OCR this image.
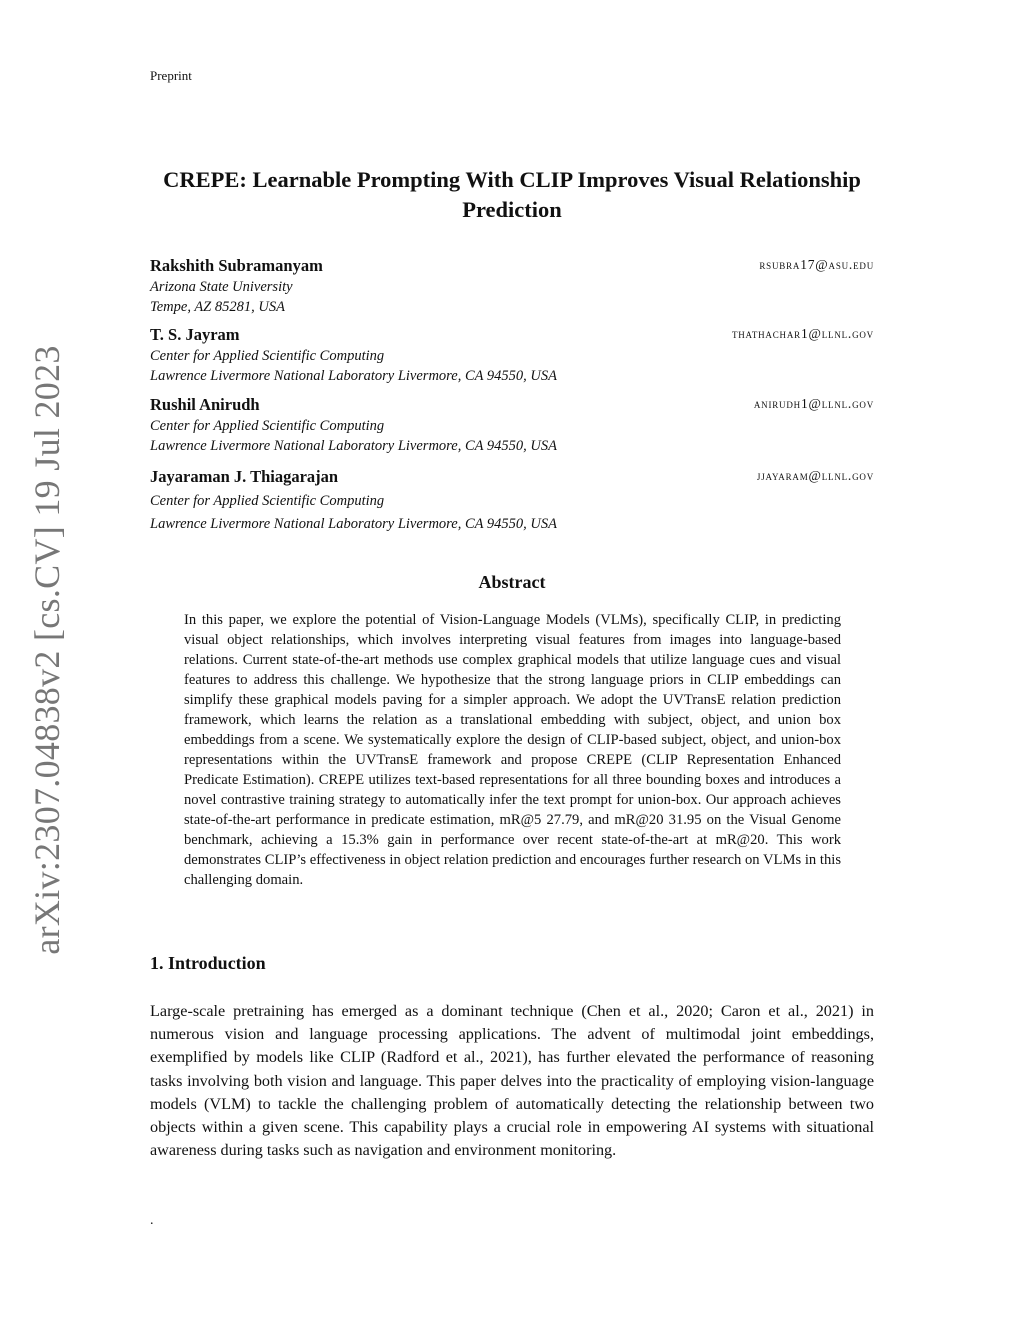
Preprint
arXiv:2307.04838v2 [cs.CV] 19 Jul 2023
CREPE: Learnable Prompting With CLIP Improves Visual Relationship Prediction
Rakshith Subramanyam	rsubra17@asu.edu
Arizona State University
Tempe, AZ 85281, USA
T. S. Jayram	thathachar1@llnl.gov
Center for Applied Scientific Computing
Lawrence Livermore National Laboratory Livermore, CA 94550, USA
Rushil Anirudh	anirudh1@llnl.gov
Center for Applied Scientific Computing
Lawrence Livermore National Laboratory Livermore, CA 94550, USA
Jayaraman J. Thiagarajan	jjayaram@llnl.gov
Center for Applied Scientific Computing
Lawrence Livermore National Laboratory Livermore, CA 94550, USA
Abstract
In this paper, we explore the potential of Vision-Language Models (VLMs), specifically CLIP, in predicting visual object relationships, which involves interpreting visual features from images into language-based relations. Current state-of-the-art methods use complex graphical models that utilize language cues and visual features to address this challenge. We hypothesize that the strong language priors in CLIP embeddings can simplify these graphical models paving for a simpler approach. We adopt the UVTransE relation prediction framework, which learns the relation as a translational embedding with subject, object, and union box embeddings from a scene. We systematically explore the design of CLIP-based subject, object, and union-box representations within the UVTransE framework and propose CREPE (CLIP Representation Enhanced Predicate Estimation). CREPE utilizes text-based representations for all three bounding boxes and introduces a novel contrastive training strategy to automatically infer the text prompt for union-box. Our approach achieves state-of-the-art performance in predicate estimation, mR@5 27.79, and mR@20 31.95 on the Visual Genome benchmark, achieving a 15.3% gain in performance over recent state-of-the-art at mR@20. This work demonstrates CLIP’s effectiveness in object relation prediction and encourages further research on VLMs in this challenging domain.
1. Introduction
Large-scale pretraining has emerged as a dominant technique (Chen et al., 2020; Caron et al., 2021) in numerous vision and language processing applications. The advent of multimodal joint embeddings, exemplified by models like CLIP (Radford et al., 2021), has further elevated the performance of reasoning tasks involving both vision and language. This paper delves into the practicality of employing vision-language models (VLM) to tackle the challenging problem of automatically detecting the relationship between two objects within a given scene. This capability plays a crucial role in empowering AI systems with situational awareness during tasks such as navigation and environment monitoring.
.
